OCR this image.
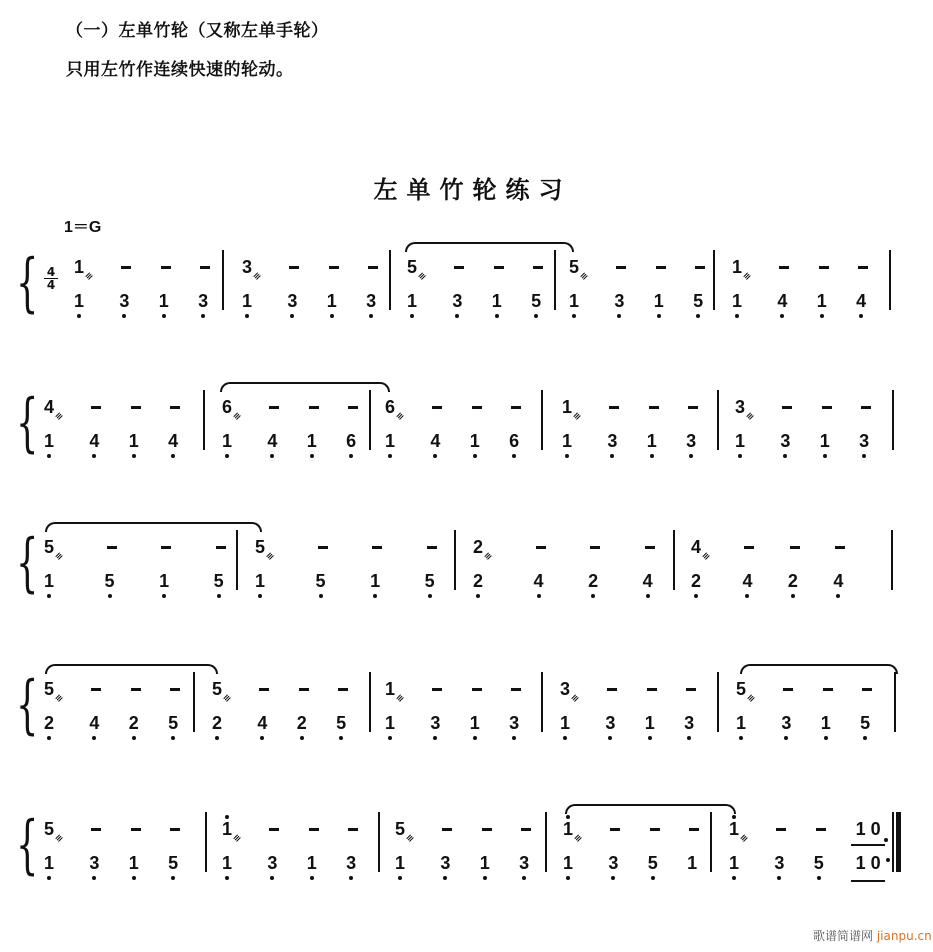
（一）左单竹轮（又称左单手轮）
只用左竹作连续快速的轮动。
左单竹轮练习
1＝G
{ 4
4
1 ≡
1 3 1 3
3 ≡
1 3 1 3
5 ≡
1 3 1 5
5 ≡
1 3 1 5
1 ≡
1 4 1 4
{ 4 ≡
1 4 1 4
6 ≡
1 4 1 6
6 ≡
1 4 1 6
1 ≡
1 3 1 3
3 ≡
1 3 1 3
{ 5 ≡
1	5 1 5
5 ≡
1	5 1 5
2 ≡
2	4 2 4
4 ≡
2 4 2 4
{ 5 ≡
2 4 2 5
5 ≡
2 4 2 5
1 ≡
1 3 1 3
3 ≡
1 3 1 3
5 ≡
1 3 1 5
{ 5 ≡
1 3 1 5
1 ≡
1 3 1 3
5 ≡
1 3 1 3
1 ≡
1 3 5 1
1 ≡	1 0
1 3 5 1 0
歌谱简谱网 jianpu.cn
